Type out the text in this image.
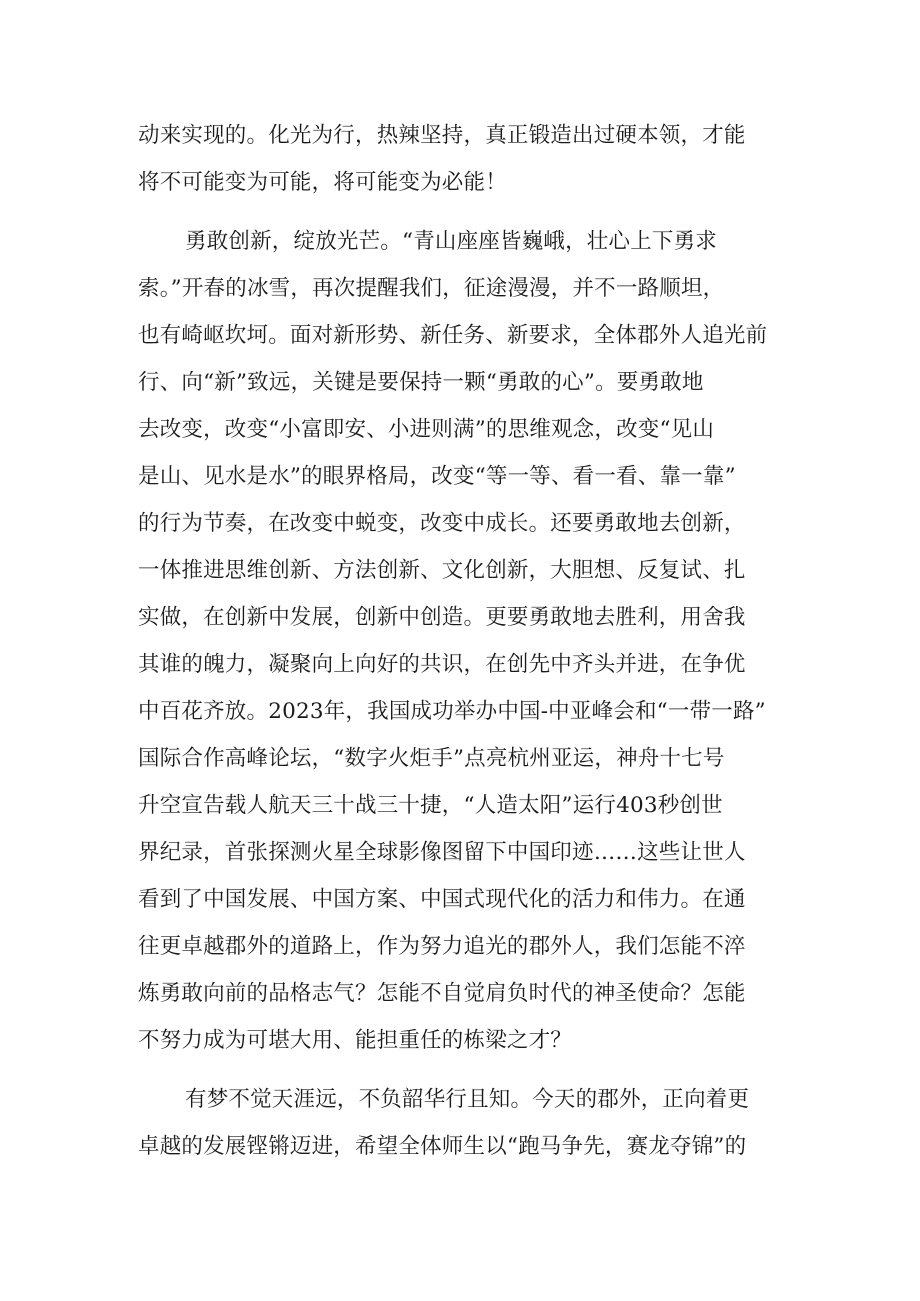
动来实现的。化光为行，热辣坚持，真正锻造出过硬本领，才能
将不可能变为可能，将可能变为必能！
勇敢创新，绽放光芒。“青山座座皆巍峨，壮心上下勇求
索。”开春的冰雪，再次提醒我们，征途漫漫，并不一路顺坦，
也有崎岖坎坷。面对新形势、新任务、新要求，全体郡外人追光前
行、向“新”致远，关键是要保持一颗“勇敢的心”。要勇敢地
去改变，改变“小富即安、小进则满”的思维观念，改变“见山
是山、见水是水”的眼界格局，改变“等一等、看一看、靠一靠”
的行为节奏，在改变中蜕变，改变中成长。还要勇敢地去创新，
一体推进思维创新、方法创新、文化创新，大胆想、反复试、扎
实做，在创新中发展，创新中创造。更要勇敢地去胜利，用舍我
其谁的魄力，凝聚向上向好的共识，在创先中齐头并进，在争优
中百花齐放。2023年，我国成功举办中国-中亚峰会和“一带一路”
国际合作高峰论坛，“数字火炬手”点亮杭州亚运，神舟十七号
升空宣告载人航天三十战三十捷，“人造太阳”运行403秒创世
界纪录，首张探测火星全球影像图留下中国印迹……这些让世人
看到了中国发展、中国方案、中国式现代化的活力和伟力。在通
往更卓越郡外的道路上，作为努力追光的郡外人，我们怎能不淬
炼勇敢向前的品格志气？怎能不自觉肩负时代的神圣使命？怎能
不努力成为可堪大用、能担重任的栋梁之才？
有梦不觉天涯远，不负韶华行且知。今天的郡外，正向着更
卓越的发展铿锵迈进，希望全体师生以“跑马争先，赛龙夺锦”的
